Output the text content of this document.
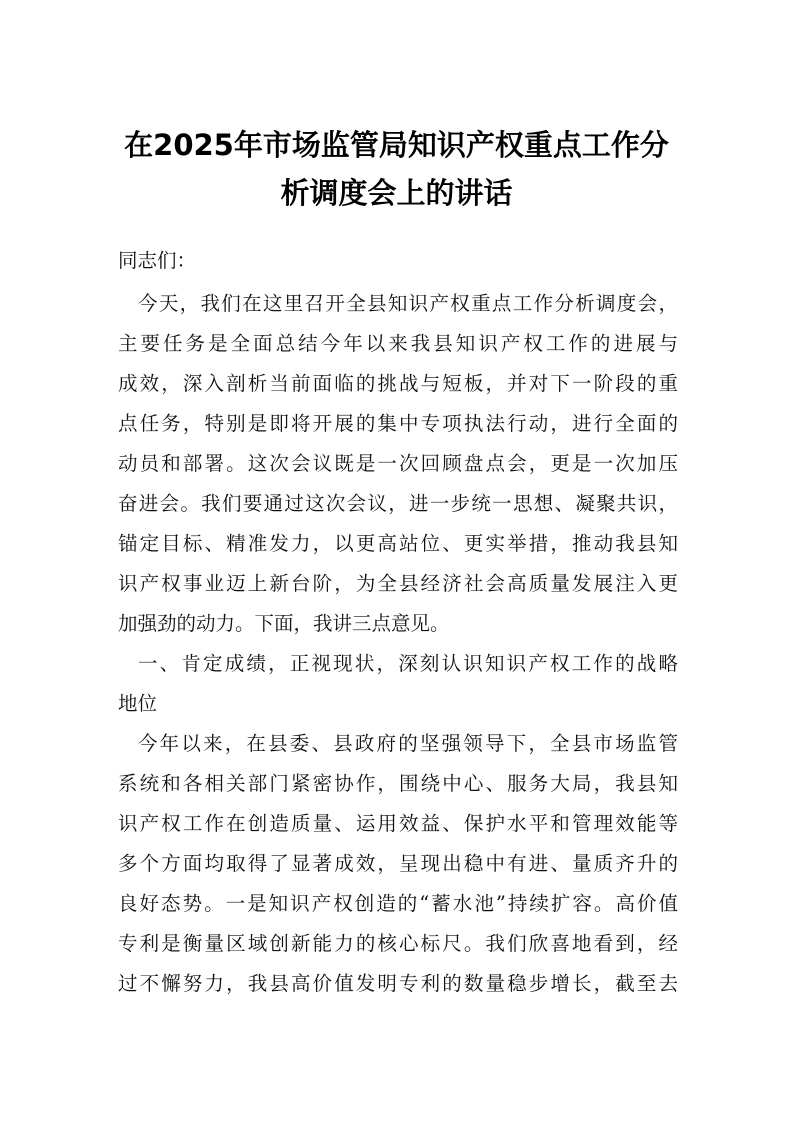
在2025年市场监管局知识产权重点工作分
析调度会上的讲话
同志们：
今天，我们在这里召开全县知识产权重点工作分析调度会，
主要任务是全面总结今年以来我县知识产权工作的进展与
成效，深入剖析当前面临的挑战与短板，并对下一阶段的重
点任务，特别是即将开展的集中专项执法行动，进行全面的
动员和部署。这次会议既是一次回顾盘点会，更是一次加压
奋进会。我们要通过这次会议，进一步统一思想、凝聚共识，
锚定目标、精准发力，以更高站位、更实举措，推动我县知
识产权事业迈上新台阶，为全县经济社会高质量发展注入更
加强劲的动力。下面，我讲三点意见。
一、肯定成绩，正视现状，深刻认识知识产权工作的战略
地位
今年以来，在县委、县政府的坚强领导下，全县市场监管
系统和各相关部门紧密协作，围绕中心、服务大局，我县知
识产权工作在创造质量、运用效益、保护水平和管理效能等
多个方面均取得了显著成效，呈现出稳中有进、量质齐升的
良好态势。一是知识产权创造的“蓄水池”持续扩容。高价值
专利是衡量区域创新能力的核心标尺。我们欣喜地看到，经
过不懈努力，我县高价值发明专利的数量稳步增长，截至去
